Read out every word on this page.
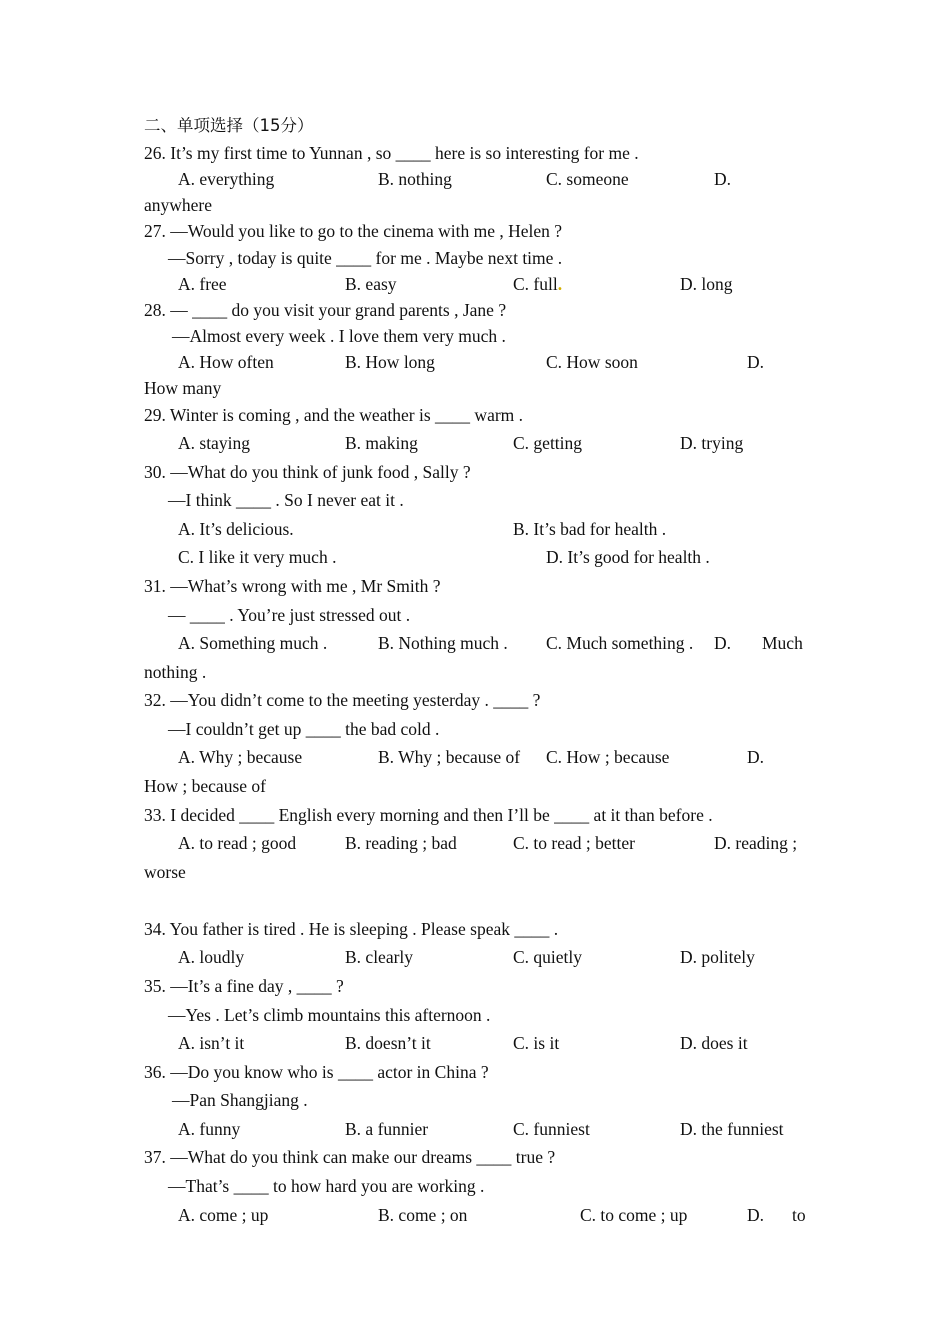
二、单项选择（15分）
26. It’s my first time to Yunnan , so ____ here is so interesting for me .
A. everything	B. nothing	C. someone	D.
anywhere
27. —Would you like to go to the cinema with me , Helen ?
—Sorry , today is quite ____ for me . Maybe next time .
A. free	B. easy	C. full.	D. long
28. — ____ do you visit your grand parents , Jane ?
—Almost every week . I love them very much .
A. How often	B. How long	C. How soon	D.
How many
29. Winter is coming , and the weather is ____ warm .
A. staying	B. making	C. getting	D. trying
30. —What do you think of junk food , Sally ?
—I think ____ . So I never eat it .
A. It’s delicious.	B. It’s bad for health .
C. I like it very much .	D. It’s good for health .
31. —What’s wrong with me , Mr Smith ?
— ____ . You’re just stressed out .
A. Something much .	B. Nothing much . C. Much something . D. Much
nothing .
32. —You didn’t come to the meeting yesterday . ____ ?
—I couldn’t get up ____ the bad cold .
A. Why ; because	B. Why ; because of C. How ; because	D.
How ; because of
33. I decided ____ English every morning and then I’ll be ____ at it than before .
A. to read ; good	B. reading ; bad	C. to read ; better	D. reading ;
worse
34. You father is tired . He is sleeping . Please speak ____ .
A. loudly	B. clearly	C. quietly	D. politely
35. —It’s a fine day , ____ ?
—Yes . Let’s climb mountains this afternoon .
A. isn’t it	B. doesn’t it	C. is it	D. does it
36. —Do you know who is ____ actor in China ?
—Pan Shangjiang .
A. funny	B. a funnier	C. funniest	D. the funniest
37. —What do you think can make our dreams ____ true ?
—That’s ____ to how hard you are working .
A. come ; up	B. come ; on	C. to come ; up	D. to
